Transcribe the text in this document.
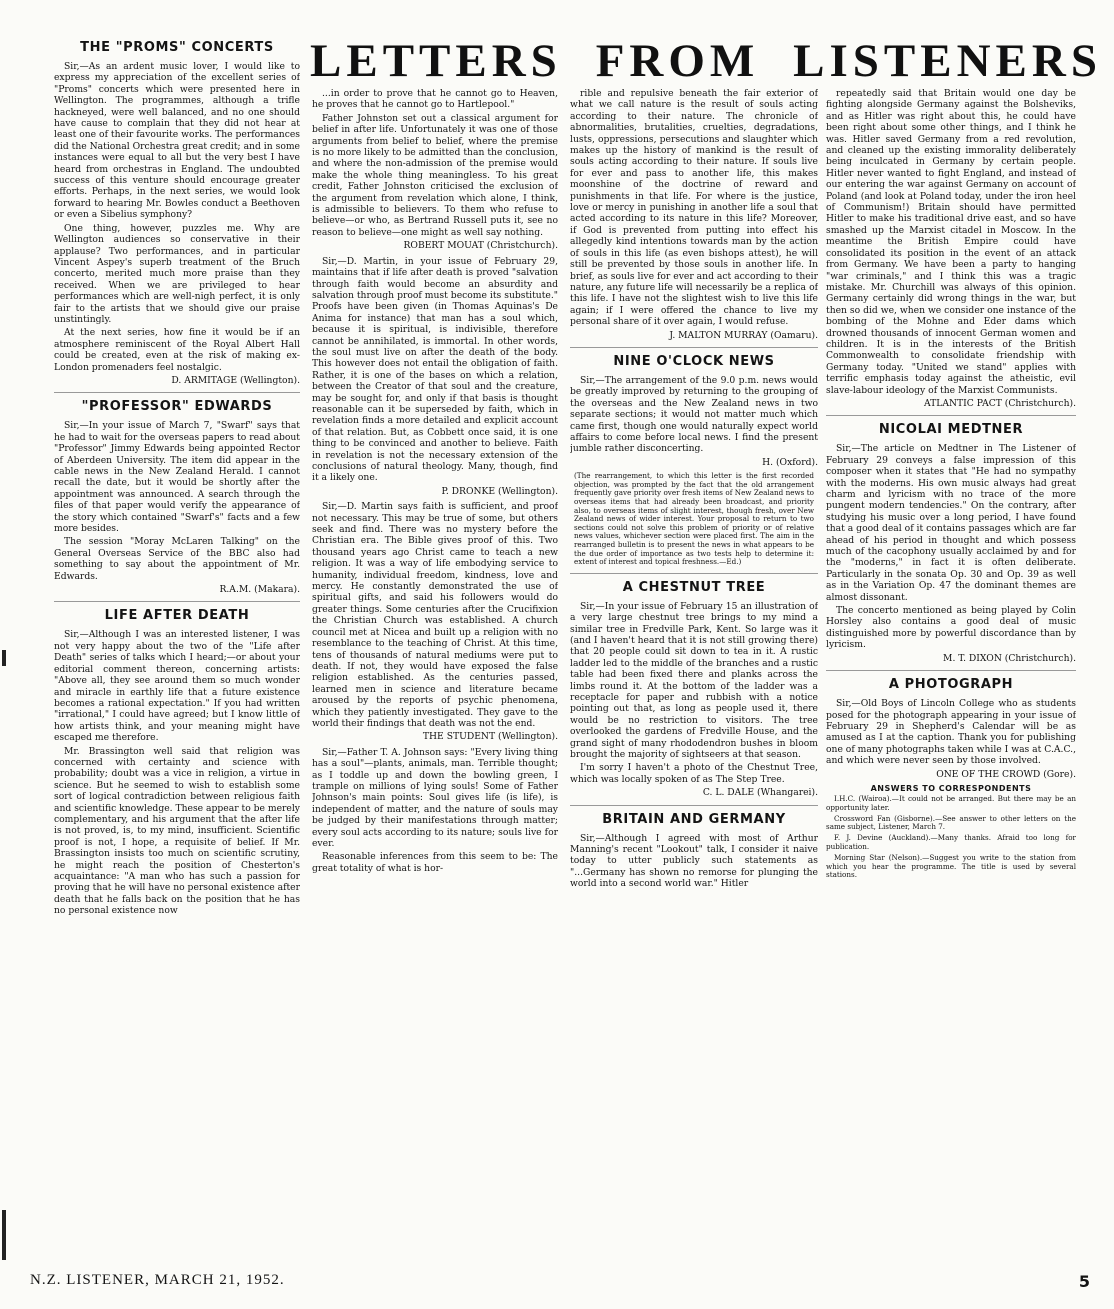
LETTERS FROM LISTENERS
THE "PROMS" CONCERTS

Sir,—As an ardent music lover, I would like to express my appreciation of the excellent series of "Proms" concerts which were presented here in Wellington. The programmes, although a trifle hackneyed, were well balanced, and no one should have cause to complain that they did not hear at least one of their favourite works. The performances did the National Orchestra great credit; and in some instances were equal to all but the very best I have heard from orchestras in England. The undoubted success of this venture should encourage greater efforts. Perhaps, in the next series, we would look forward to hearing Mr. Bowles conduct a Beethoven or even a Sibelius symphony?

One thing, however, puzzles me. Why are Wellington audiences so conservative in their applause? Two performances, and in particular Vincent Aspey's superb treatment of the Bruch concerto, merited much more praise than they received. When we are privileged to hear performances which are well-nigh perfect, it is only fair to the artists that we should give our praise unstintingly.

At the next series, how fine it would be if an atmosphere reminiscent of the Royal Albert Hall could be created, even at the risk of making ex-London promenaders feel nostalgic.

D. ARMITAGE (Wellington).

"PROFESSOR" EDWARDS

Sir,—In your issue of March 7, "Swarf" says that he had to wait for the overseas papers to read about "Professor" Jimmy Edwards being appointed Rector of Aberdeen University. The item did appear in the cable news in the New Zealand Herald. I cannot recall the date, but it would be shortly after the appointment was announced. A search through the files of that paper would verify the appearance of the story which contained "Swarf's" facts and a few more besides.

The session "Moray McLaren Talking" on the General Overseas Service of the BBC also had something to say about the appointment of Mr. Edwards.

R.A.M. (Makara).

LIFE AFTER DEATH

Sir,—Although I was an interested listener, I was not very happy about the two of the "Life after Death" series of talks which I heard;—or about your editorial comment thereon, concerning artists: "Above all, they see around them so much wonder and miracle in earthly life that a future existence becomes a rational expectation." If you had written "irrational," I could have agreed; but I know little of how artists think, and your meaning might have escaped me therefore.

Mr. Brassington well said that religion was concerned with certainty and science with probability; doubt was a vice in religion, a virtue in science. But he seemed to wish to establish some sort of logical contradiction between religious faith and scientific knowledge. These appear to be merely complementary, and his argument that the after life is not proved, is, to my mind, insufficient. Scientific proof is not, I hope, a requisite of belief. If Mr. Brassington insists too much on scientific scrutiny, he might reach the position of Chesterton's acquaintance: "A man who has such a passion for proving that he will have no personal existence after death that he falls back on the position that he has no personal existence now

...in order to prove that he cannot go to Heaven, he proves that he cannot go to Hartlepool."

Father Johnston set out a classical argument for belief in after life. Unfortunately it was one of those arguments from belief to belief, where the premise is no more likely to be admitted than the conclusion, and where the non-admission of the premise would make the whole thing meaningless. To his great credit, Father Johnston criticised the exclusion of the argument from revelation which alone, I think, is admissible to believers. To them who refuse to believe—or who, as Bertrand Russell puts it, see no reason to believe—one might as well say nothing.

ROBERT MOUAT (Christchurch).

Sir,—D. Martin, in your issue of February 29, maintains that if life after death is proved "salvation through faith would become an absurdity and salvation through proof must become its substitute." Proofs have been given (in Thomas Aquinas's De Anima for instance) that man has a soul which, because it is spiritual, is indivisible, therefore cannot be annihilated, is immortal. In other words, the soul must live on after the death of the body. This however does not entail the obligation of faith. Rather, it is one of the bases on which a relation, between the Creator of that soul and the creature, may be sought for, and only if that basis is thought reasonable can it be superseded by faith, which in revelation finds a more detailed and explicit account of that relation. But, as Cobbett once said, it is one thing to be convinced and another to believe. Faith in revelation is not the necessary extension of the conclusions of natural theology. Many, though, find it a likely one.

P. DRONKE (Wellington).

Sir,—D. Martin says faith is sufficient, and proof not necessary. This may be true of some, but others seek and find. There was no mystery before the Christian era. The Bible gives proof of this. Two thousand years ago Christ came to teach a new religion. It was a way of life embodying service to humanity, individual freedom, kindness, love and mercy. He constantly demonstrated the use of spiritual gifts, and said his followers would do greater things. Some centuries after the Crucifixion the Christian Church was established. A church council met at Nicea and built up a religion with no resemblance to the teaching of Christ. At this time, tens of thousands of natural mediums were put to death. If not, they would have exposed the false religion established. As the centuries passed, learned men in science and literature became aroused by the reports of psychic phenomena, which they patiently investigated. They gave to the world their findings that death was not the end.

THE STUDENT (Wellington).

Sir,—Father T. A. Johnson says: "Every living thing has a soul"—plants, animals, man. Terrible thought; as I toddle up and down the bowling green, I trample on millions of lying souls! Some of Father Johnson's main points: Soul gives life (is life), is independent of matter, and the nature of souls may be judged by their manifestations through matter; every soul acts according to its nature; souls live for ever.

Reasonable inferences from this seem to be: The great totality of what is hor-

rible and repulsive beneath the fair exterior of what we call nature is the result of souls acting according to their nature. The chronicle of abnormalities, brutalities, cruelties, degradations, lusts, oppressions, persecutions and slaughter which makes up the history of mankind is the result of souls acting according to their nature. If souls live for ever and pass to another life, this makes moonshine of the doctrine of reward and punishments in that life. For where is the justice, love or mercy in punishing in another life a soul that acted according to its nature in this life? Moreover, if God is prevented from putting into effect his allegedly kind intentions towards man by the action of souls in this life (as even bishops attest), he will still be prevented by those souls in another life. In brief, as souls live for ever and act according to their nature, any future life will necessarily be a replica of this life. I have not the slightest wish to live this life again; if I were offered the chance to live my personal share of it over again, I would refuse.

J. MALTON MURRAY (Oamaru).

NINE O'CLOCK NEWS

Sir,—The arrangement of the 9.0 p.m. news would be greatly improved by returning to the grouping of the overseas and the New Zealand news in two separate sections; it would not matter much which came first, though one would naturally expect world affairs to come before local news. I find the present jumble rather disconcerting.

H. (Oxford).

(The rearrangement, to which this letter is the first recorded objection, was prompted by the fact that the old arrangement frequently gave priority over fresh items of New Zealand news to overseas items that had already been broadcast, and priority also, to overseas items of slight interest, though fresh, over New Zealand news of wider interest. Your proposal to return to two sections could not solve this problem of priority or of relative news values, whichever section were placed first. The aim in the rearranged bulletin is to present the news in what appears to be the due order of importance as two tests help to determine it: extent of interest and topical freshness.—Ed.)

A CHESTNUT TREE

Sir,—In your issue of February 15 an illustration of a very large chestnut tree brings to my mind a similar tree in Fredville Park, Kent. So large was it (and I haven't heard that it is not still growing there) that 20 people could sit down to tea in it. A rustic ladder led to the middle of the branches and a rustic table had been fixed there and planks across the limbs round it. At the bottom of the ladder was a receptacle for paper and rubbish with a notice pointing out that, as long as people used it, there would be no restriction to visitors. The tree overlooked the gardens of Fredville House, and the grand sight of many rhododendron bushes in bloom brought the majority of sightseers at that season.

I'm sorry I haven't a photo of the Chestnut Tree, which was locally spoken of as The Step Tree.

C. L. DALE (Whangarei).

BRITAIN AND GERMANY

Sir,—Although I agreed with most of Arthur Manning's recent "Lookout" talk, I consider it naive today to utter publicly such statements as "...Germany has shown no remorse for plunging the world into a second world war." Hitler

repeatedly said that Britain would one day be fighting alongside Germany against the Bolsheviks, and as Hitler was right about this, he could have been right about some other things, and I think he was. Hitler saved Germany from a red revolution, and cleaned up the existing immorality deliberately being inculcated in Germany by certain people. Hitler never wanted to fight England, and instead of our entering the war against Germany on account of Poland (and look at Poland today, under the iron heel of Communism!) Britain should have permitted Hitler to make his traditional drive east, and so have smashed up the Marxist citadel in Moscow. In the meantime the British Empire could have consolidated its position in the event of an attack from Germany. We have been a party to hanging "war criminals," and I think this was a tragic mistake. Mr. Churchill was always of this opinion. Germany certainly did wrong things in the war, but then so did we, when we consider one instance of the bombing of the Mohne and Eder dams which drowned thousands of innocent German women and children. It is in the interests of the British Commonwealth to consolidate friendship with Germany today. "United we stand" applies with terrific emphasis today against the atheistic, evil slave-labour ideology of the Marxist Communists.

ATLANTIC PACT (Christchurch).

NICOLAI MEDTNER

Sir,—The article on Medtner in The Listener of February 29 conveys a false impression of this composer when it states that "He had no sympathy with the moderns. His own music always had great charm and lyricism with no trace of the more pungent modern tendencies." On the contrary, after studying his music over a long period, I have found that a good deal of it contains passages which are far ahead of his period in thought and which possess much of the cacophony usually acclaimed by and for the "moderns," in fact it is often deliberate. Particularly in the sonata Op. 30 and Op. 39 as well as in the Variation Op. 47 the dominant themes are almost dissonant.

The concerto mentioned as being played by Colin Horsley also contains a good deal of music distinguished more by powerful discordance than by lyricism.

M. T. DIXON (Christchurch).

A PHOTOGRAPH

Sir,—Old Boys of Lincoln College who as students posed for the photograph appearing in your issue of February 29 in Shepherd's Calendar will be as amused as I at the caption. Thank you for publishing one of many photographs taken while I was at C.A.C., and which were never seen by those involved.

ONE OF THE CROWD (Gore).

ANSWERS TO CORRESPONDENTS

I.H.C. (Wairoa).—It could not be arranged. But there may be an opportunity later.

Crossword Fan (Gisborne).—See answer to other letters on the same subject, Listener, March 7.

F. J. Devine (Auckland).—Many thanks. Afraid too long for publication.

Morning Star (Nelson).—Suggest you write to the station from which you hear the programme. The title is used by several stations.

N.Z. LISTENER, MARCH 21, 1952.	5
